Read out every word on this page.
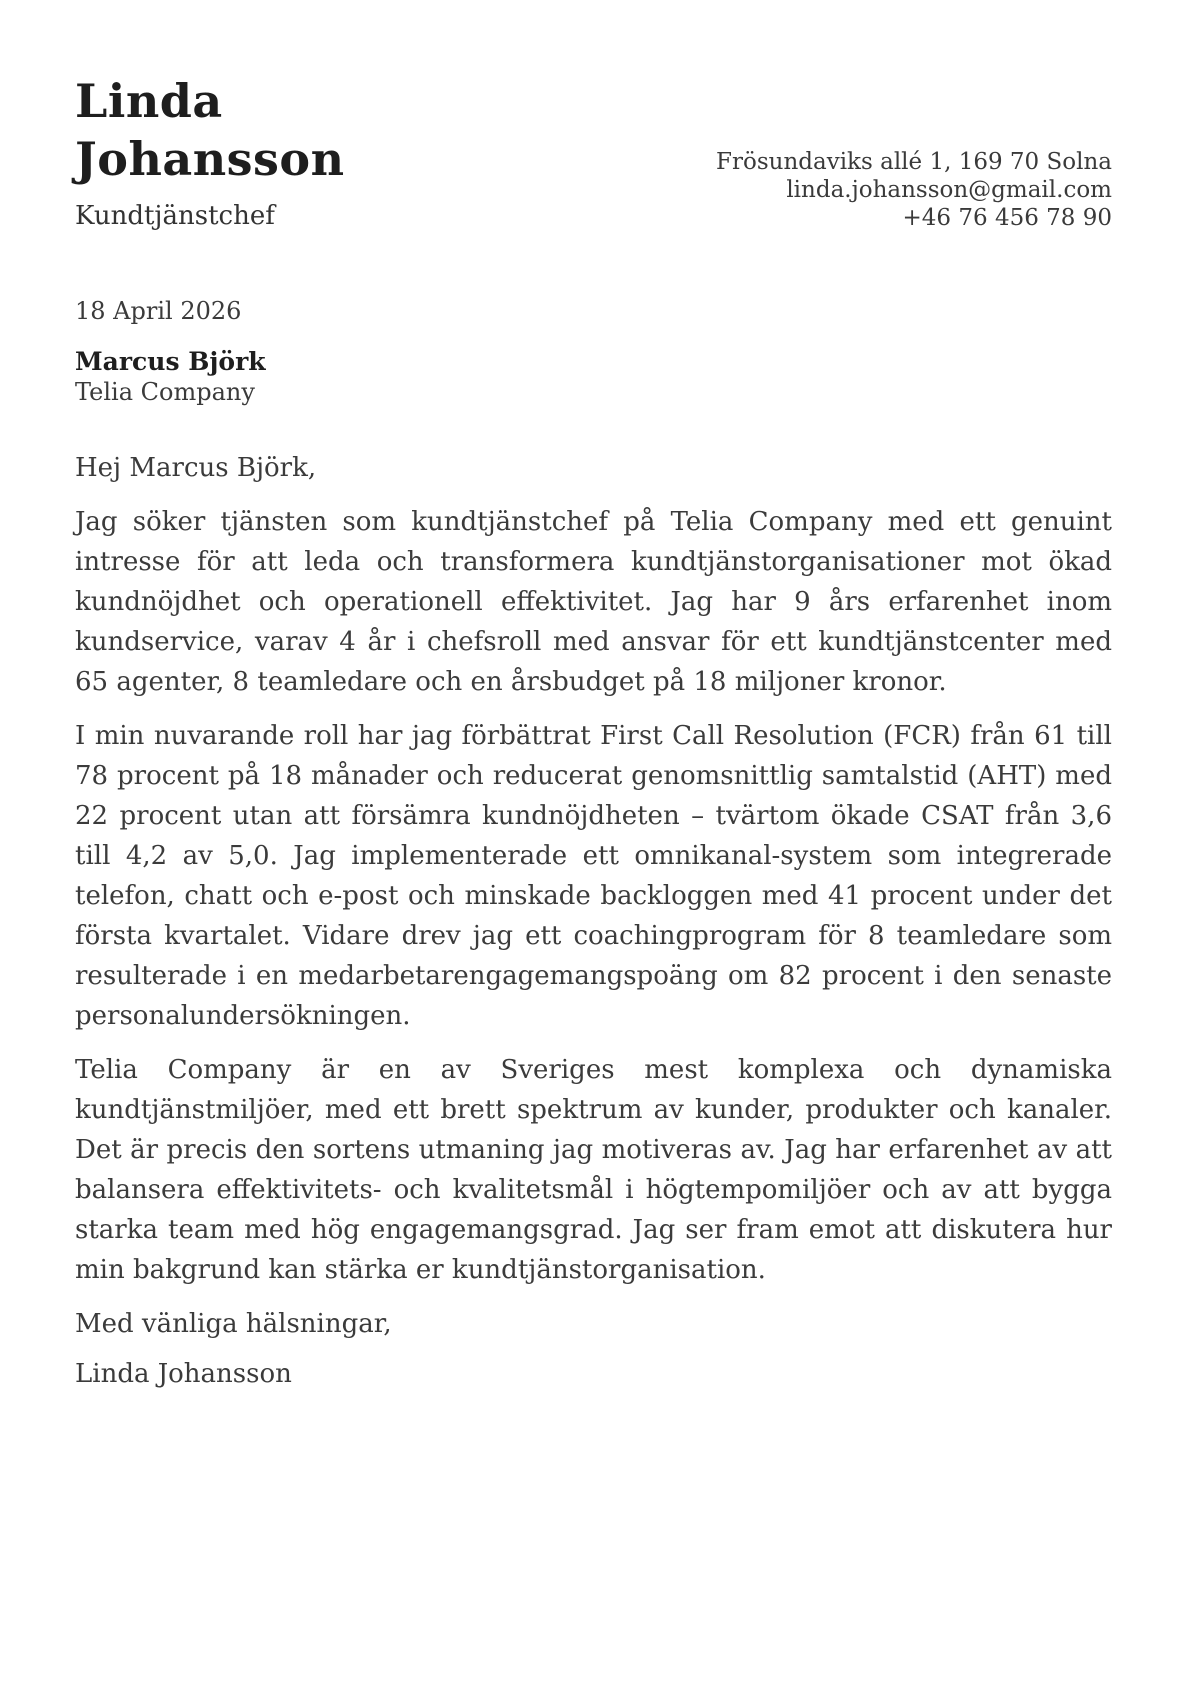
Linda
Johansson
Kundtjänstchef
Frösundaviks allé 1, 169 70 Solna
linda.johansson@gmail.com
+46 76 456 78 90
18 April 2026
Marcus Björk
Telia Company
Hej Marcus Björk,

Jag söker tjänsten som kundtjänstchef på Telia Company med ett genuint intresse för att leda och transformera kundtjänstorganisationer mot ökad kundnöjdhet och operationell effektivitet. Jag har 9 års erfarenhet inom kundservice, varav 4 år i chefsroll med ansvar för ett kundtjänstcenter med 65 agenter, 8 teamledare och en årsbudget på 18 miljoner kronor.

I min nuvarande roll har jag förbättrat First Call Resolution (FCR) från 61 till 78 procent på 18 månader och reducerat genomsnittlig samtalstid (AHT) med 22 procent utan att försämra kundnöjdheten – tvärtom ökade CSAT från 3,6 till 4,2 av 5,0. Jag implementerade ett omnikanal-system som integrerade telefon, chatt och e-post och minskade backloggen med 41 procent under det första kvartalet. Vidare drev jag ett coachingprogram för 8 teamledare som resulterade i en medarbetarengagemangspoäng om 82 procent i den senaste personalundersökningen.

Telia Company är en av Sveriges mest komplexa och dynamiska kundtjänstmiljöer, med ett brett spektrum av kunder, produkter och kanaler. Det är precis den sortens utmaning jag motiveras av. Jag har erfarenhet av att balansera effektivitets- och kvalitetsmål i högtempomiljöer och av att bygga starka team med hög engagemangsgrad. Jag ser fram emot att diskutera hur min bakgrund kan stärka er kundtjänstorganisation.

Med vänliga hälsningar,
Linda Johansson
